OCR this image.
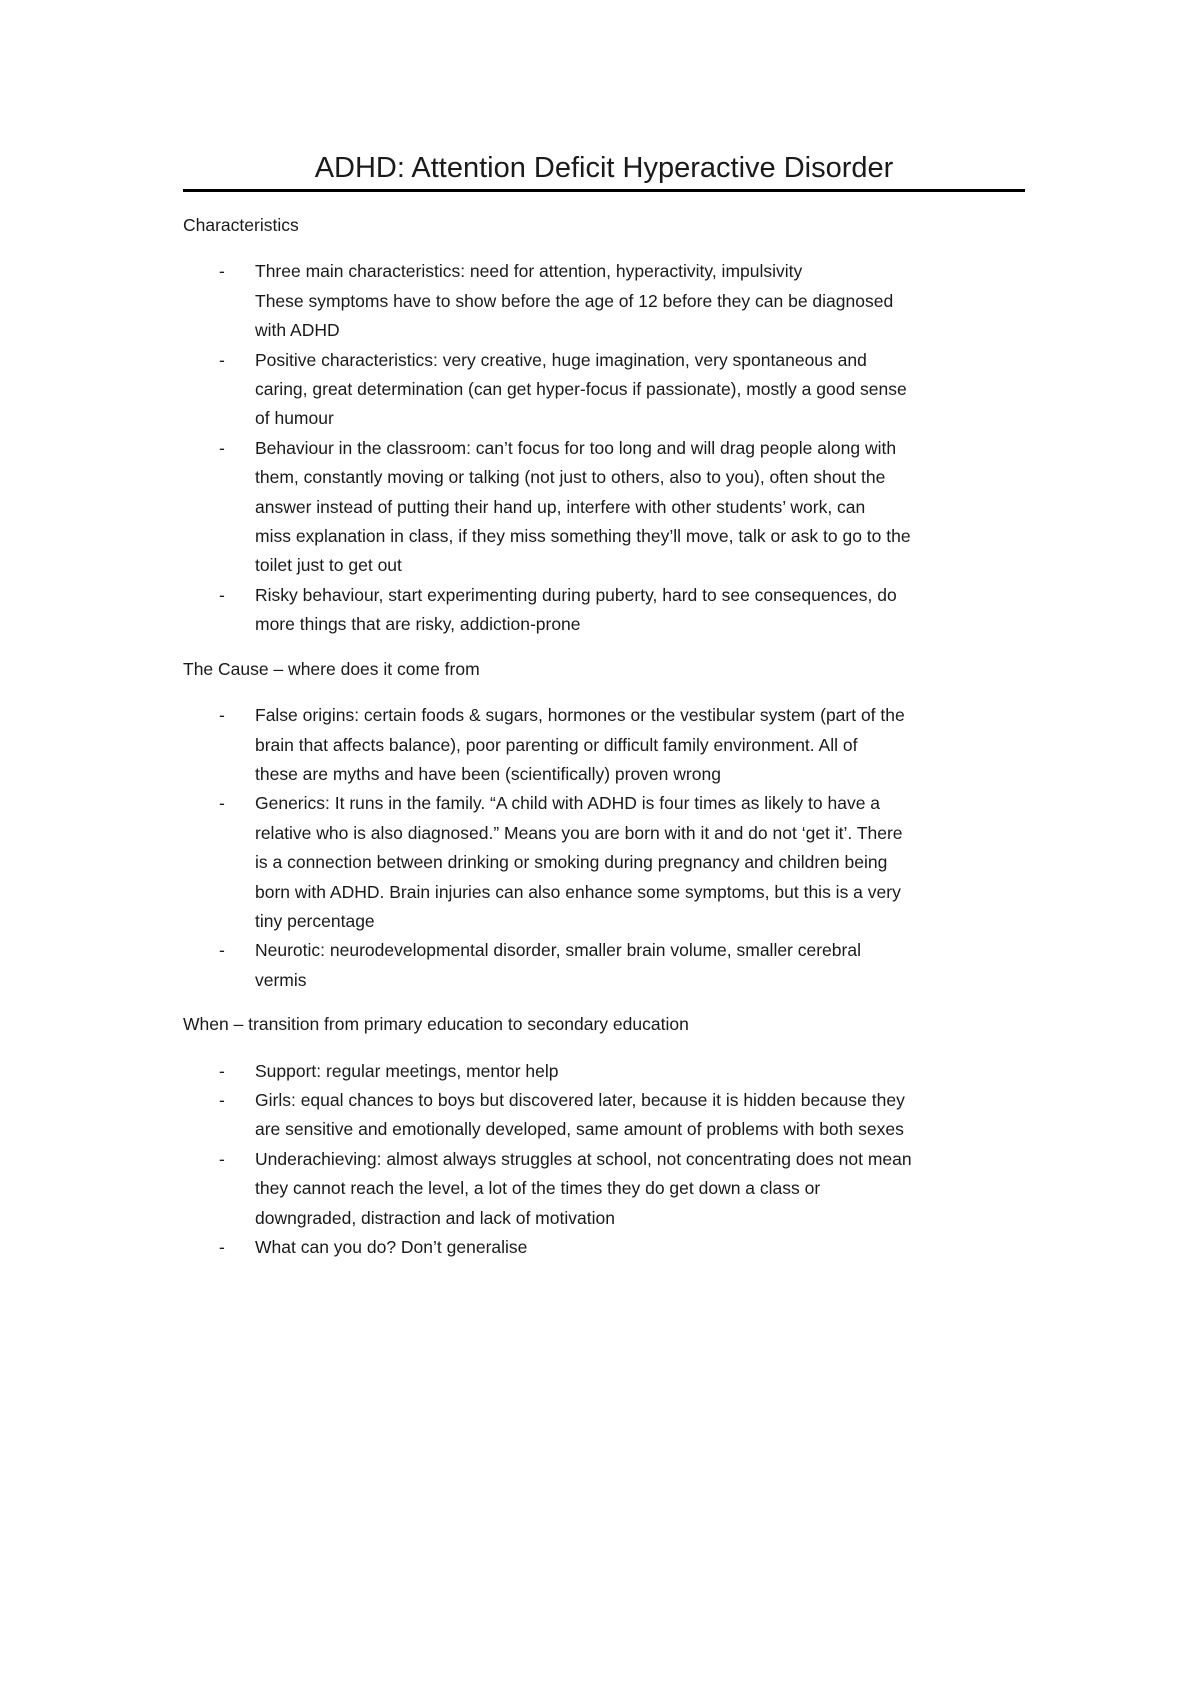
ADHD: Attention Deficit Hyperactive Disorder

Characteristics

- Three main characteristics: need for attention, hyperactivity, impulsivity
These symptoms have to show before the age of 12 before they can be diagnosed
with ADHD
- Positive characteristics: very creative, huge imagination, very spontaneous and
caring, great determination (can get hyper-focus if passionate), mostly a good sense
of humour
- Behaviour in the classroom: can’t focus for too long and will drag people along with
them, constantly moving or talking (not just to others, also to you), often shout the
answer instead of putting their hand up, interfere with other students’ work, can
miss explanation in class, if they miss something they’ll move, talk or ask to go to the
toilet just to get out
- Risky behaviour, start experimenting during puberty, hard to see consequences, do
more things that are risky, addiction-prone

The Cause – where does it come from

- False origins: certain foods & sugars, hormones or the vestibular system (part of the
brain that affects balance), poor parenting or difficult family environment. All of
these are myths and have been (scientifically) proven wrong
- Generics: It runs in the family. “A child with ADHD is four times as likely to have a
relative who is also diagnosed.” Means you are born with it and do not ‘get it’. There
is a connection between drinking or smoking during pregnancy and children being
born with ADHD. Brain injuries can also enhance some symptoms, but this is a very
tiny percentage
- Neurotic: neurodevelopmental disorder, smaller brain volume, smaller cerebral
vermis

When – transition from primary education to secondary education

- Support: regular meetings, mentor help
- Girls: equal chances to boys but discovered later, because it is hidden because they
are sensitive and emotionally developed, same amount of problems with both sexes
- Underachieving: almost always struggles at school, not concentrating does not mean
they cannot reach the level, a lot of the times they do get down a class or
downgraded, distraction and lack of motivation
- What can you do? Don’t generalise
